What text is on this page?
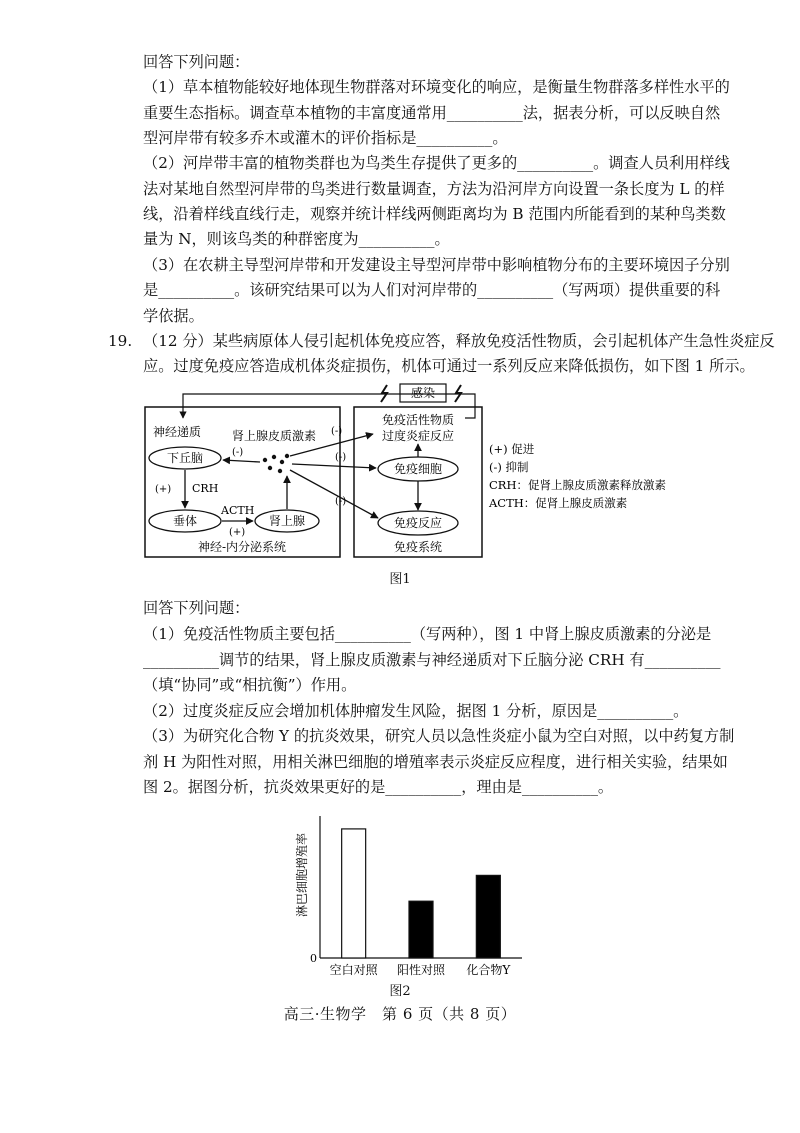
回答下列问题：
（1）草本植物能较好地体现生物群落对环境变化的响应，是衡量生物群落多样性水平的
重要生态指标。调查草本植物的丰富度通常用__________法，据表分析，可以反映自然
型河岸带有较多乔木或灌木的评价指标是__________。
（2）河岸带丰富的植物类群也为鸟类生存提供了更多的__________。调查人员利用样线
法对某地自然型河岸带的鸟类进行数量调查，方法为沿河岸方向设置一条长度为 L 的样
线，沿着样线直线行走，观察并统计样线两侧距离均为 B 范围内所能看到的某种鸟类数
量为 N，则该鸟类的种群密度为__________。
（3）在农耕主导型河岸带和开发建设主导型河岸带中影响植物分布的主要环境因子分别
是__________。该研究结果可以为人们对河岸带的__________（写两项）提供重要的科
学依据。
19. （12 分）某些病原体人侵引起机体免疫应答，释放免疫活性物质，会引起机体产生急性炎症反
应。过度免疫应答造成机体炎症损伤，机体可通过一系列反应来降低损伤，如下图 1 所示。
神经-内分泌系统	免疫系统
感染
神经递质	肾上腺皮质激素
下丘脑
垂体	肾上腺
(+) CRH
ACTH
(+)
(-)
免疫活性物质
过度炎症反应
免疫细胞
免疫反应
(-)
(-)
(-)
(+) 促进
(-) 抑制
CRH：促肾上腺皮质激素释放激素
ACTH：促肾上腺皮质激素
图1
回答下列问题：
（1）免疫活性物质主要包括__________（写两种），图 1 中肾上腺皮质激素的分泌是
__________调节的结果，肾上腺皮质激素与神经递质对下丘脑分泌 CRH 有__________
（填“协同”或“相抗衡”）作用。
（2）过度炎症反应会增加机体肿瘤发生风险，据图 1 分析，原因是__________。
（3）为研究化合物 Y 的抗炎效果，研究人员以急性炎症小鼠为空白对照，以中药复方制
剂 H 为阳性对照，用相关淋巴细胞的增殖率表示炎症反应程度，进行相关实验，结果如
图 2。据图分析，抗炎效果更好的是__________，理由是__________。
淋巴细胞增殖率
0
空白对照 阳性对照 化合物Y
图2
高三·生物学　第 6 页（共 8 页）
